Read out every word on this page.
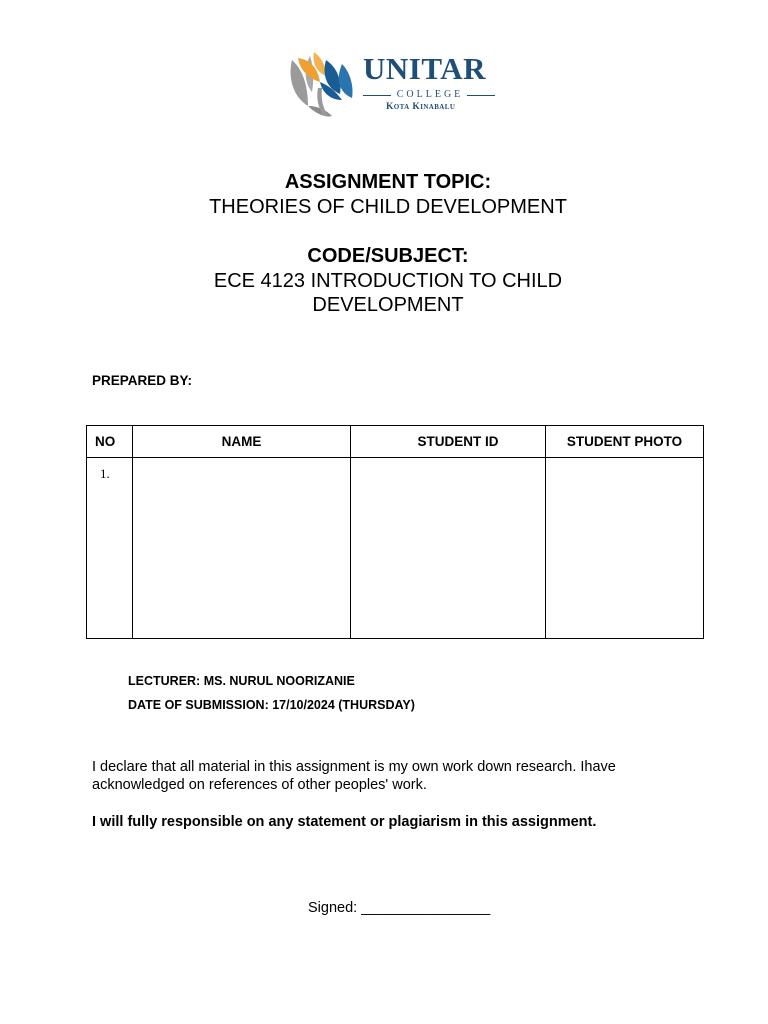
UNITAR
COLLEGE
Kota Kinabalu
ASSIGNMENT TOPIC:
THEORIES OF CHILD DEVELOPMENT
CODE/SUBJECT:
ECE 4123 INTRODUCTION TO CHILD DEVELOPMENT
PREPARED BY:
NO	NAME	STUDENT ID	STUDENT PHOTO
1.			
LECTURER: MS. NURUL NOORIZANIE
DATE OF SUBMISSION: 17/10/2024 (THURSDAY)
I declare that all material in this assignment is my own work down research. Ihave acknowledged on references of other peoples' work.
I will fully responsible on any statement or plagiarism in this assignment.
Signed: ________________
